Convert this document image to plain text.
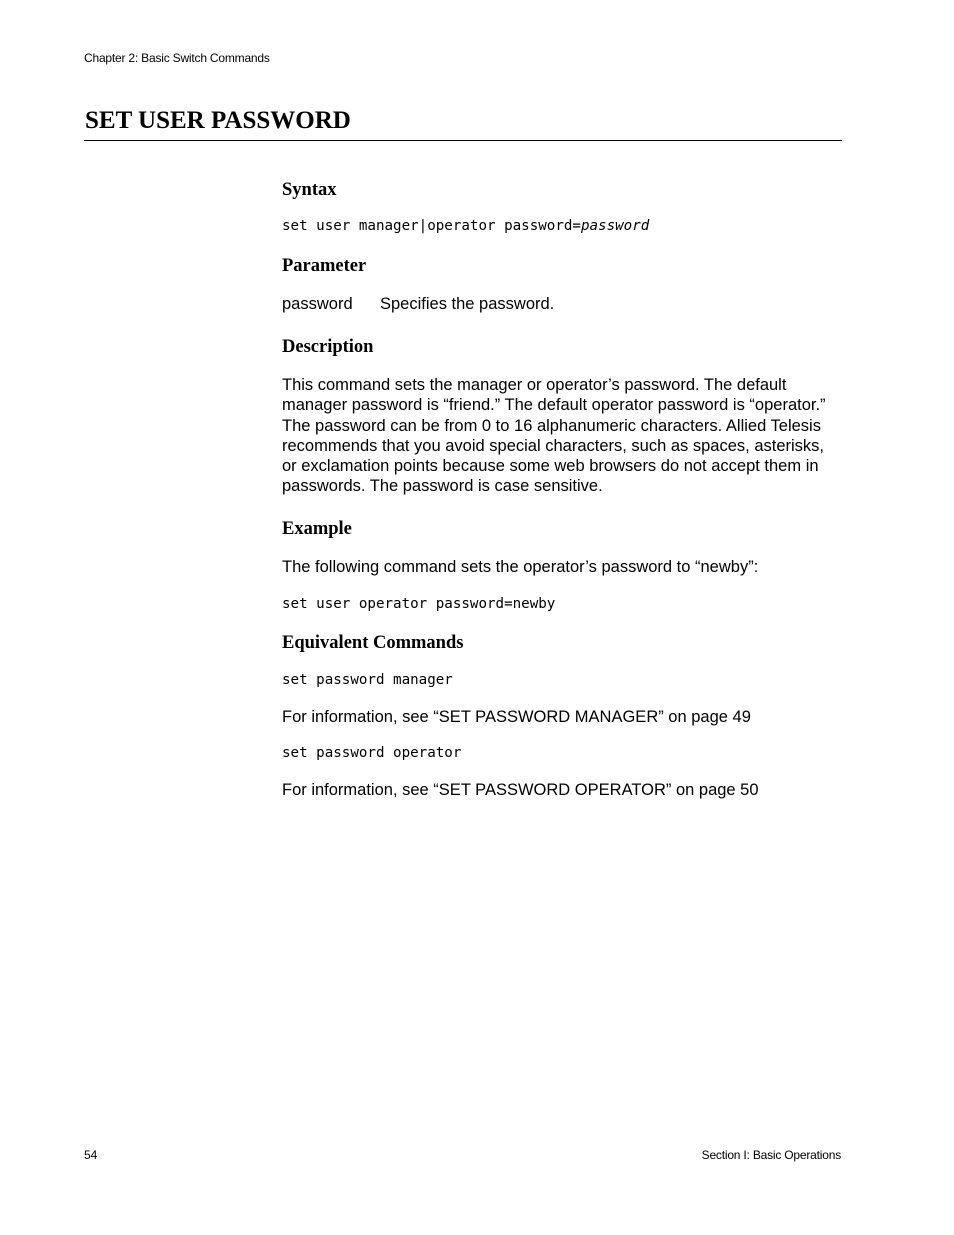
Chapter 2: Basic Switch Commands
SET USER PASSWORD
Syntax
set user manager|operator password=password
Parameter
password Specifies the password.
Description

This command sets the manager or operator’s password. The default manager password is “friend.” The default operator password is “operator.” The password can be from 0 to 16 alphanumeric characters. Allied Telesis recommends that you avoid special characters, such as spaces, asterisks, or exclamation points because some web browsers do not accept them in passwords. The password is case sensitive.

Example

The following command sets the operator’s password to “newby”:

set user operator password=newby
Equivalent Commands
set password manager

For information, see “SET PASSWORD MANAGER” on page 49

set password operator

For information, see “SET PASSWORD OPERATOR” on page 50

54	Section I: Basic Operations
